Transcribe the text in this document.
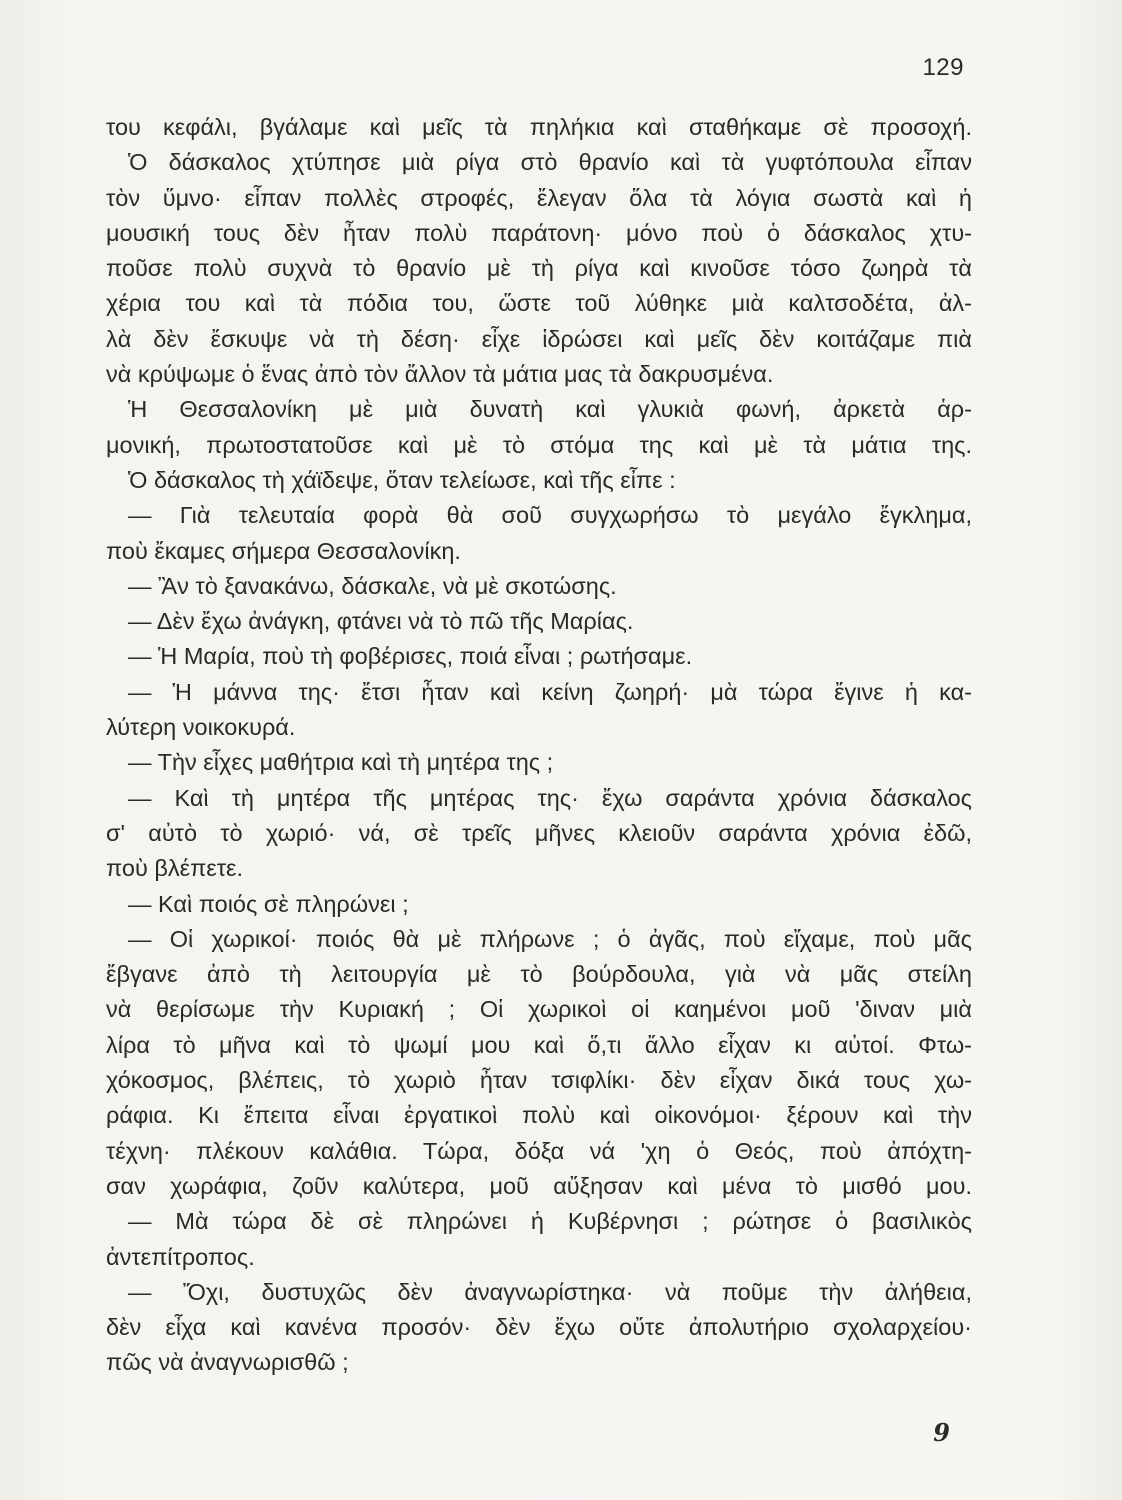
129
του κεφάλι, βγάλαμε καὶ μεῖς τὰ πηλήκια καὶ σταθήκαμε σὲ προσοχή.
Ὁ δάσκαλος χτύπησε μιὰ ρίγα στὸ θρανίο καὶ τὰ γυφτόπουλα εἶπαν
τὸν ὕμνο· εἶπαν πολλὲς στροφές, ἔλεγαν ὅλα τὰ λόγια σωστὰ καὶ ἡ
μουσική τους δὲν ἦταν πολὺ παράτονη· μόνο ποὺ ὁ δάσκαλος χτυ-
ποῦσε πολὺ συχνὰ τὸ θρανίο μὲ τὴ ρίγα καὶ κινοῦσε τόσο ζωηρὰ τὰ
χέρια του καὶ τὰ πόδια του, ὥστε τοῦ λύθηκε μιὰ καλτσοδέτα, ἀλ-
λὰ δὲν ἔσκυψε νὰ τὴ δέση· εἶχε ἱδρώσει καὶ μεῖς δὲν κοιτάζαμε πιὰ
νὰ κρύψωμε ὁ ἕνας ἀπὸ τὸν ἄλλον τὰ μάτια μας τὰ δακρυσμένα.
Ἡ Θεσσαλονίκη μὲ μιὰ δυνατὴ καὶ γλυκιὰ φωνή, ἀρκετὰ ἁρ-
μονική, πρωτοστατοῦσε καὶ μὲ τὸ στόμα της καὶ μὲ τὰ μάτια της.
Ὁ δάσκαλος τὴ χάϊδεψε, ὅταν τελείωσε, καὶ τῆς εἶπε :
— Γιὰ τελευταία φορὰ θὰ σοῦ συγχωρήσω τὸ μεγάλο ἔγκλημα,
ποὺ ἔκαμες σήμερα Θεσσαλονίκη.
— Ἂν τὸ ξανακάνω, δάσκαλε, νὰ μὲ σκοτώσης.
— Δὲν ἔχω ἀνάγκη, φτάνει νὰ τὸ πῶ τῆς Μαρίας.
— Ἡ Μαρία, ποὺ τὴ φοβέρισες, ποιά εἶναι ; ρωτήσαμε.
— Ἡ μάννα της· ἔτσι ἦταν καὶ κείνη ζωηρή· μὰ τώρα ἔγινε ἡ κα-
λύτερη νοικοκυρά.
— Τὴν εἶχες μαθήτρια καὶ τὴ μητέρα της ;
— Καὶ τὴ μητέρα τῆς μητέρας της· ἔχω σαράντα χρόνια δάσκαλος
σ' αὐτὸ τὸ χωριό· νά, σὲ τρεῖς μῆνες κλειοῦν σαράντα χρόνια ἐδῶ,
ποὺ βλέπετε.
— Καὶ ποιός σὲ πληρώνει ;
— Οἱ χωρικοί· ποιός θὰ μὲ πλήρωνε ; ὁ ἀγᾶς, ποὺ εἴχαμε, ποὺ μᾶς
ἔβγανε ἀπὸ τὴ λειτουργία μὲ τὸ βούρδουλα, γιὰ νὰ μᾶς στείλη
νὰ θερίσωμε τὴν Κυριακή ; Οἱ χωρικοὶ οἱ καημένοι μοῦ 'διναν μιὰ
λίρα τὸ μῆνα καὶ τὸ ψωμί μου καὶ ὅ,τι ἄλλο εἶχαν κι αὐτοί. Φτω-
χόκοσμος, βλέπεις, τὸ χωριὸ ἦταν τσιφλίκι· δὲν εἶχαν δικά τους χω-
ράφια. Κι ἔπειτα εἶναι ἐργατικοὶ πολὺ καὶ οἰκονόμοι· ξέρουν καὶ τὴν
τέχνη· πλέκουν καλάθια. Τώρα, δόξα νά 'χη ὁ Θεός, ποὺ ἀπόχτη-
σαν χωράφια, ζοῦν καλύτερα, μοῦ αὔξησαν καὶ μένα τὸ μισθό μου.
— Μὰ τώρα δὲ σὲ πληρώνει ἡ Κυβέρνησι ; ρώτησε ὁ βασιλικὸς
ἀντεπίτροπος.
— Ὄχι, δυστυχῶς δὲν ἀναγνωρίστηκα· νὰ ποῦμε τὴν ἀλήθεια,
δὲν εἶχα καὶ κανένα προσόν· δὲν ἔχω οὔτε ἀπολυτήριο σχολαρχείου·
πῶς νὰ ἀναγνωρισθῶ ;
9
